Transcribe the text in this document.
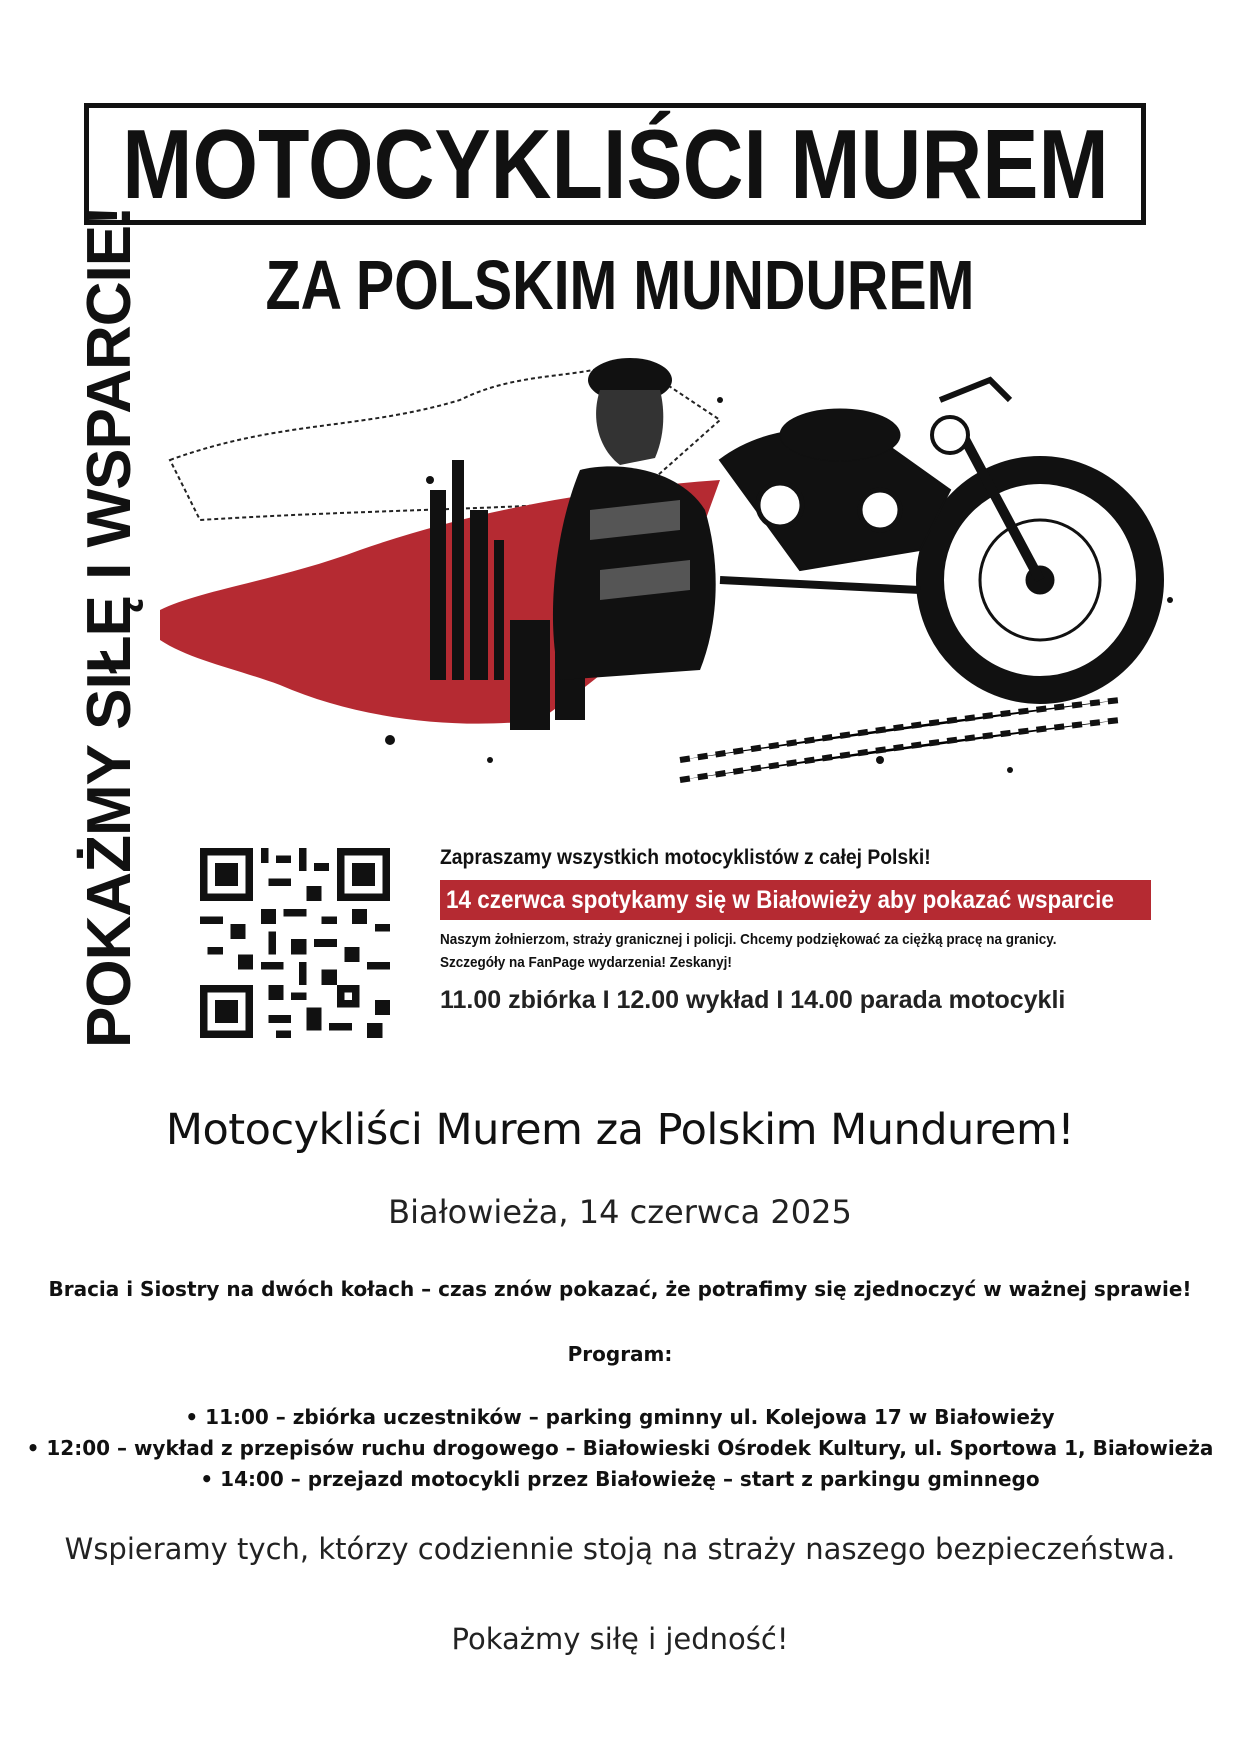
MOTOCYKLIŚCI MUREM
ZA POLSKIM MUNDUREM
POKAŻMY SIŁĘ I WSPARCIE!	Zapraszamy wszystkich motocyklistów z całej Polski!
14 czerwca spotykamy się w Białowieży aby pokazać wsparcie
Naszym żołnierzom, straży granicznej i policji. Chcemy podziękować za ciężką pracę na granicy.
Szczegóły na FanPage wydarzenia! Zeskanyj!
11.00 zbiórka I 12.00 wykład I 14.00 parada motocykli
Motocykliści Murem za Polskim Mundurem!
Białowieża, 14 czerwca 2025
Bracia i Siostry na dwóch kołach – czas znów pokazać, że potrafimy się zjednoczyć w ważnej sprawie!
Program:
• 11:00 – zbiórka uczestników – parking gminny ul. Kolejowa 17 w Białowieży
• 12:00 – wykład z przepisów ruchu drogowego – Białowieski Ośrodek Kultury, ul. Sportowa 1, Białowieża
• 14:00 – przejazd motocykli przez Białowieżę – start z parkingu gminnego
Wspieramy tych, którzy codziennie stoją na straży naszego bezpieczeństwa.
Pokażmy siłę i jedność!
